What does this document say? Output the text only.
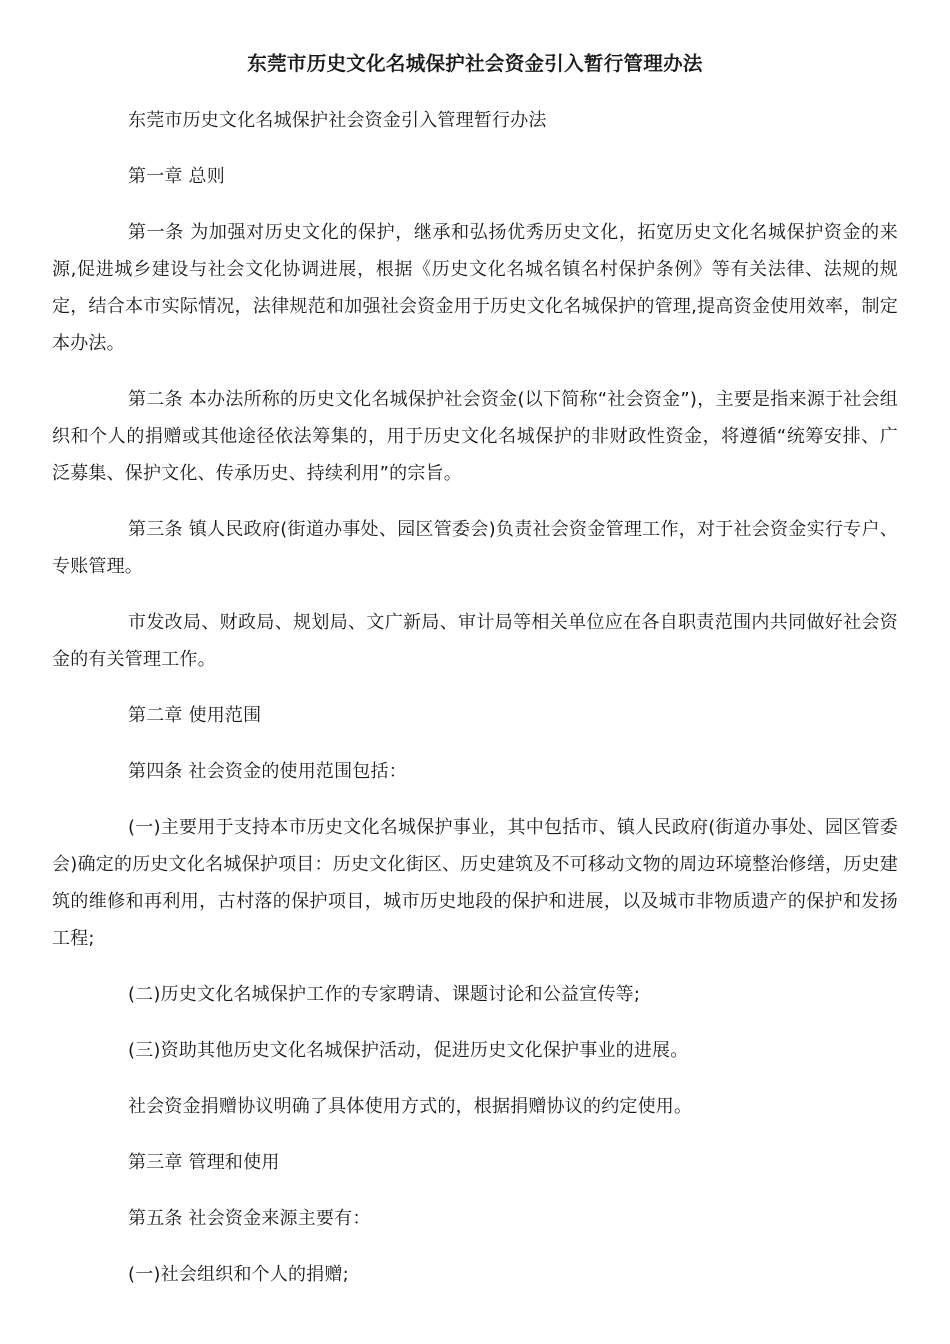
东莞市历史文化名城保护社会资金引入暂行管理办法

东莞市历史文化名城保护社会资金引入管理暂行办法

第一章 总则

第一条 为加强对历史文化的保护，继承和弘扬优秀历史文化，拓宽历史文化名城保护资金的来源,促进城乡建设与社会文化协调进展，根据《历史文化名城名镇名村保护条例》等有关法律、法规的规定，结合本市实际情况，法律规范和加强社会资金用于历史文化名城保护的管理,提高资金使用效率，制定本办法。

第二条 本办法所称的历史文化名城保护社会资金(以下简称“社会资金”)，主要是指来源于社会组织和个人的捐赠或其他途径依法筹集的，用于历史文化名城保护的非财政性资金，将遵循“统筹安排、广泛募集、保护文化、传承历史、持续利用”的宗旨。

第三条 镇人民政府(街道办事处、园区管委会)负责社会资金管理工作，对于社会资金实行专户、专账管理。

市发改局、财政局、规划局、文广新局、审计局等相关单位应在各自职责范围内共同做好社会资金的有关管理工作。

第二章 使用范围

第四条 社会资金的使用范围包括：

(一)主要用于支持本市历史文化名城保护事业，其中包括市、镇人民政府(街道办事处、园区管委会)确定的历史文化名城保护项目：历史文化街区、历史建筑及不可移动文物的周边环境整治修缮，历史建筑的维修和再利用，古村落的保护项目，城市历史地段的保护和进展，以及城市非物质遗产的保护和发扬工程;

(二)历史文化名城保护工作的专家聘请、课题讨论和公益宣传等;

(三)资助其他历史文化名城保护活动，促进历史文化保护事业的进展。

社会资金捐赠协议明确了具体使用方式的，根据捐赠协议的约定使用。

第三章 管理和使用

第五条 社会资金来源主要有：

(一)社会组织和个人的捐赠;
